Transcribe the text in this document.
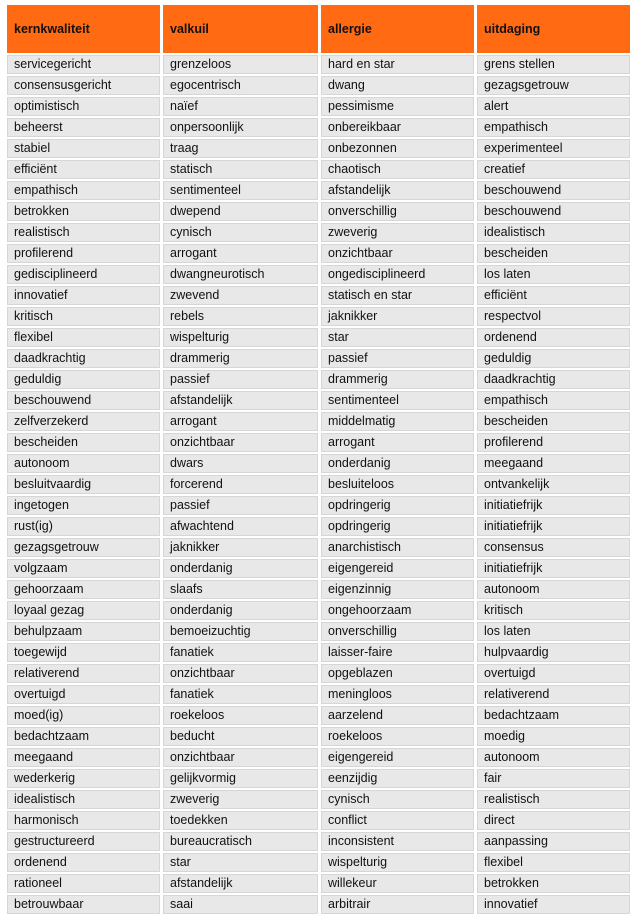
kernkwaliteit	valkuil	allergie	uitdaging
servicegericht	grenzeloos	hard en star	grens stellen
consensusgericht	egocentrisch	dwang	gezagsgetrouw
optimistisch	naïef	pessimisme	alert
beheerst	onpersoonlijk	onbereikbaar	empathisch
stabiel	traag	onbezonnen	experimenteel
efficiënt	statisch	chaotisch	creatief
empathisch	sentimenteel	afstandelijk	beschouwend
betrokken	dwepend	onverschillig	beschouwend
realistisch	cynisch	zweverig	idealistisch
profilerend	arrogant	onzichtbaar	bescheiden
gedisciplineerd	dwangneurotisch	ongedisciplineerd	los laten
innovatief	zwevend	statisch en star	efficiënt
kritisch	rebels	jaknikker	respectvol
flexibel	wispelturig	star	ordenend
daadkrachtig	drammerig	passief	geduldig
geduldig	passief	drammerig	daadkrachtig
beschouwend	afstandelijk	sentimenteel	empathisch
zelfverzekerd	arrogant	middelmatig	bescheiden
bescheiden	onzichtbaar	arrogant	profilerend
autonoom	dwars	onderdanig	meegaand
besluitvaardig	forcerend	besluiteloos	ontvankelijk
ingetogen	passief	opdringerig	initiatiefrijk
rust(ig)	afwachtend	opdringerig	initiatiefrijk
gezagsgetrouw	jaknikker	anarchistisch	consensus
volgzaam	onderdanig	eigengereid	initiatiefrijk
gehoorzaam	slaafs	eigenzinnig	autonoom
loyaal gezag	onderdanig	ongehoorzaam	kritisch
behulpzaam	bemoeizuchtig	onverschillig	los laten
toegewijd	fanatiek	laisser-faire	hulpvaardig
relativerend	onzichtbaar	opgeblazen	overtuigd
overtuigd	fanatiek	meningloos	relativerend
moed(ig)	roekeloos	aarzelend	bedachtzaam
bedachtzaam	beducht	roekeloos	moedig
meegaand	onzichtbaar	eigengereid	autonoom
wederkerig	gelijkvormig	eenzijdig	fair
idealistisch	zweverig	cynisch	realistisch
harmonisch	toedekken	conflict	direct
gestructureerd	bureaucratisch	inconsistent	aanpassing
ordenend	star	wispelturig	flexibel
rationeel	afstandelijk	willekeur	betrokken
betrouwbaar	saai	arbitrair	innovatief
